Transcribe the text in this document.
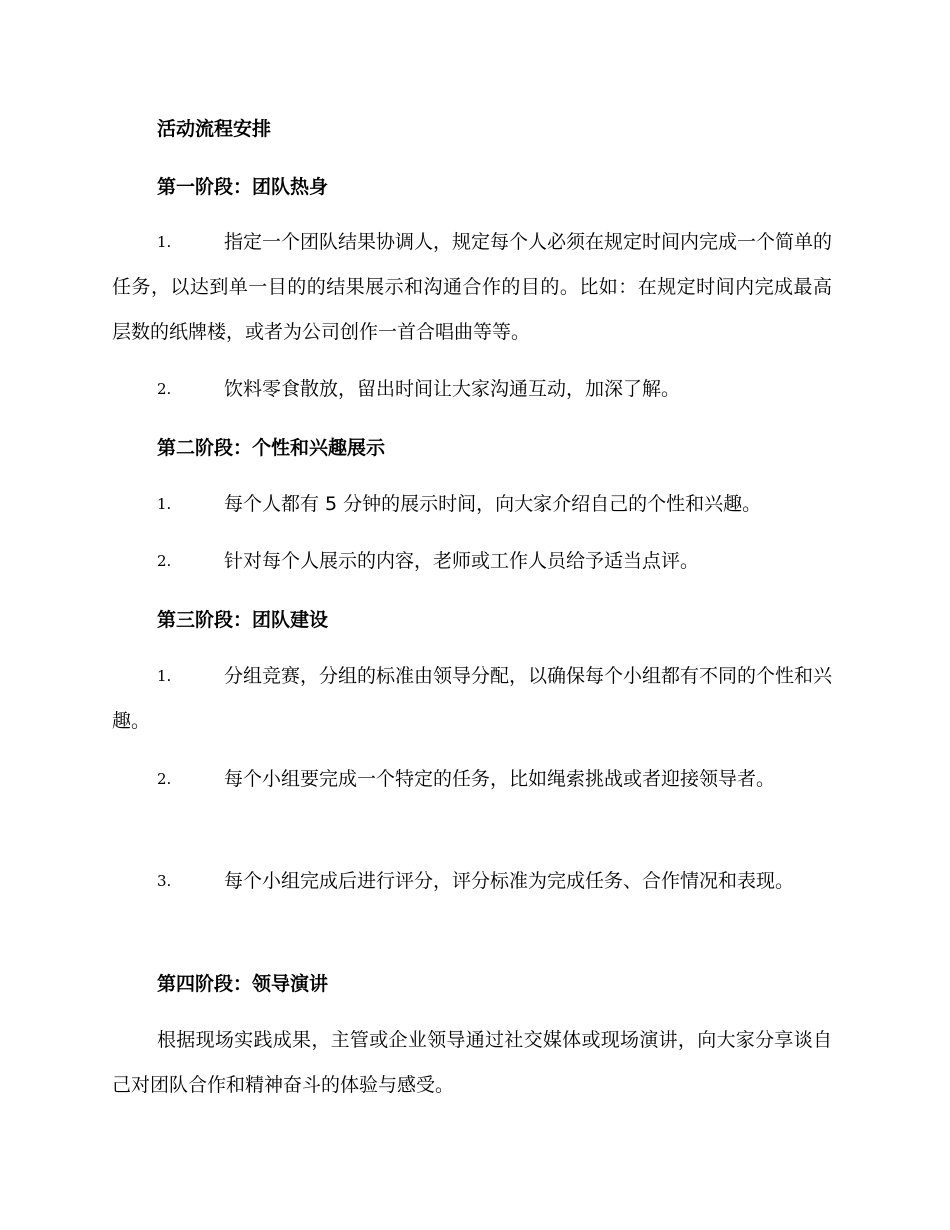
活动流程安排
第一阶段：团队热身
1.	指定一个团队结果协调人，规定每个人必须在规定时间内完成一个简单的任务，以达到单一目的的结果展示和沟通合作的目的。比如：在规定时间内完成最高层数的纸牌楼，或者为公司创作一首合唱曲等等。
2.	饮料零食散放，留出时间让大家沟通互动，加深了解。
第二阶段：个性和兴趣展示
1.	每个人都有 5 分钟的展示时间，向大家介绍自己的个性和兴趣。
2.	针对每个人展示的内容，老师或工作人员给予适当点评。
第三阶段：团队建设
1.	分组竞赛，分组的标准由领导分配，以确保每个小组都有不同的个性和兴趣。
2.	每个小组要完成一个特定的任务，比如绳索挑战或者迎接领导者。
3.	每个小组完成后进行评分，评分标准为完成任务、合作情况和表现。
第四阶段：领导演讲
根据现场实践成果，主管或企业领导通过社交媒体或现场演讲，向大家分享谈自己对团队合作和精神奋斗的体验与感受。
